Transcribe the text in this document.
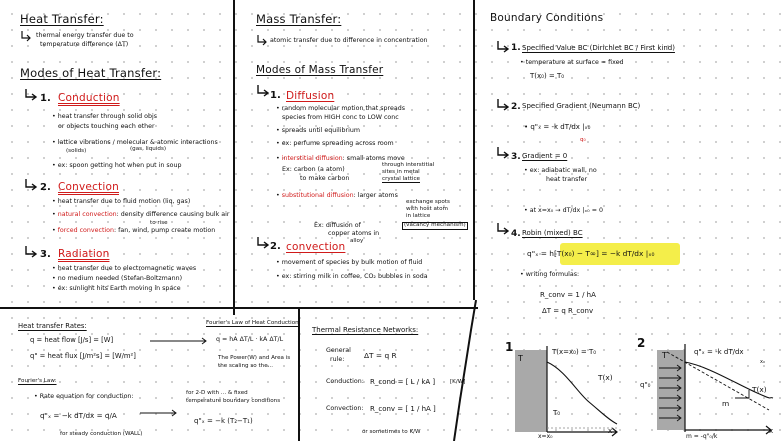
Heat Transfer:
thermal energy transfer due to
temperature difference (ΔT)
Modes of Heat Transfer:
1. Conduction
• heat transfer through solid objs
or objects touching each other
• lattice vibrations / molecular & atomic interactions
(solids)	(gas, liquids)
• ex: spoon getting hot when put in soup
2. Convection
• heat transfer due to fluid motion (liq, gas)
• natural convection: density difference causing bulk air
to rise
• forced convection: fan, wind, pump create motion
3. Radiation
• heat transfer due to electromagnetic waves
• no medium needed (Stefan-Boltzmann)
• ex: sunlight hits Earth moving in space
Mass Transfer:
atomic transfer due to difference in concentration
Modes of Mass Transfer
1. Diffusion
• random molecular motion that spreads
species from HIGH conc to LOW conc
• spreads until equilibrium
• ex: perfume spreading across room
• interstitial diffusion: small atoms move
through interstitial
sites in metal
crystal lattice
Ex: carbon (a atom)
to make carbon
• substitutional diffusion: larger atoms
exchange spots
with host atom
in lattice
(vacancy mechanism)
Ex: diffusion of
copper atoms in
alloy
2. convection
• movement of species by bulk motion of fluid
• ex: stirring milk in coffee, CO₂ bubbles in soda
Boundary Conditions
1. Specified Value BC (Dirichlet BC / First kind)
• temperature at surface = fixed
T(x₀) = T₀
2. Specified Gradient (Neumann BC)
• q"ₓ = -k dT/dx |ₓ₀
q₀
3. Gradient = 0
• ex: adiabatic wall, no
heat transfer
• at x=x₀ → dT/dx |ₓ₀ = 0
4. Robin (mixed) BC
q"ₓ = h[T(x₀) − T∞] = −k dT/dx |ₓ₀
• writing formulas:
R_conv = 1 / hA
ΔT = q R_conv
Heat transfer Rates:
q = heat flow [J/s] = [W]
q" = heat flux [J/m²s] = [W/m²]
Fourier's Law of Heat Conduction
q = hA ΔT/L · kA ΔT/L
The Power(W) and Area is
the scaling so the...
Fourier's Law:
• Rate equation for conduction:
q"ₓ = −k dT/dx = q/A
for 2-D with ... & fixed
temperature boundary conditions
q"ₓ = −k (T₂−T₁)
for steady conduction (WALL)
Thermal Resistance Networks:
General
rule:	ΔT = q R
Conduction: R_cond = [ L / kA ]	[K/W]
Convection: R_conv = [ 1 / hA ]
or sometimes to K/W
1
T
T(x=x₀) = T₀
T(x)
T₀
x
x=x₀
2
T	q"ₓ = -k dT/dx
x₀
q"₀	T(x)
m
x
m = -q"₀/k
